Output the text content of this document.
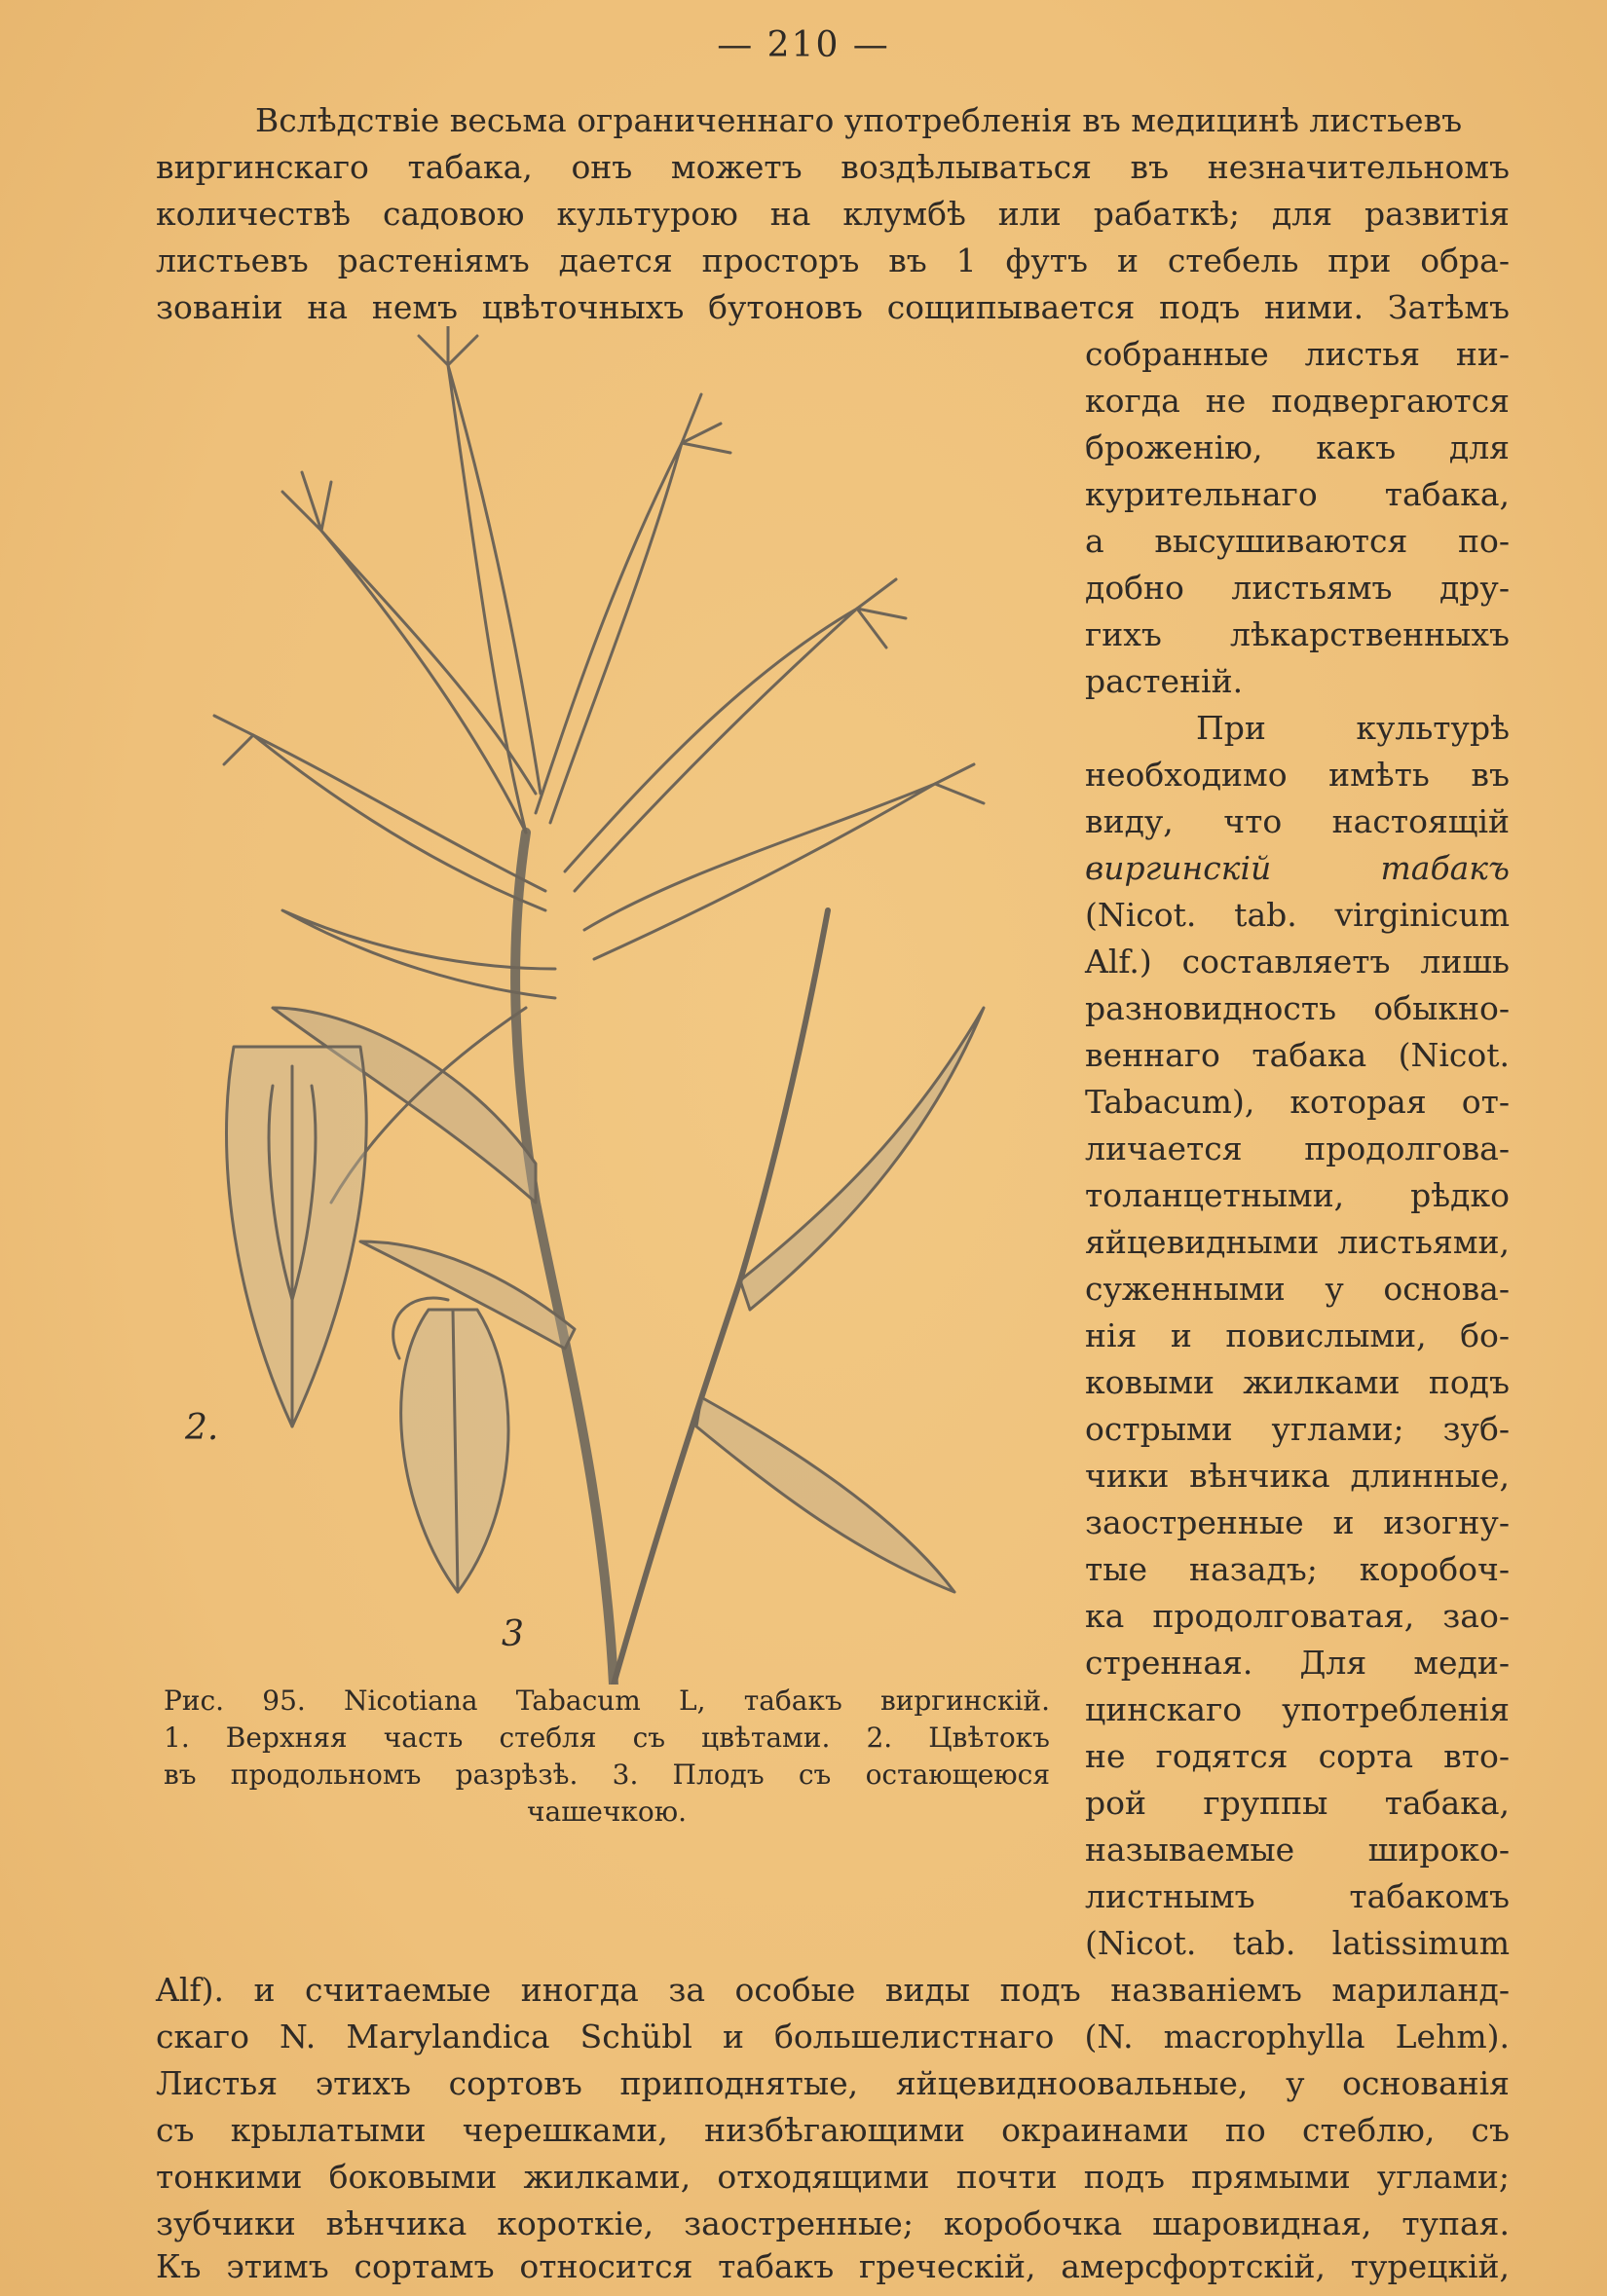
— 210 —
Вслѣдствіе весьма ограниченнаго употребленія въ медицинѣ листьевъ
виргинскаго табака, онъ можетъ воздѣлываться въ незначительномъ
количествѣ садовою культурою на клумбѣ или рабаткѣ; для развитія
листьевъ растеніямъ дается просторъ въ 1 футъ и стебель при обра-
зованіи на немъ цвѣточныхъ бутоновъ сощипывается подъ ними. Затѣмъ
2.
3
Рис. 95. Nicotiana Tabacum L, табакъ виргинскій.
1. Верхняя часть стебля съ цвѣтами. 2. Цвѣтокъ
въ продольномъ разрѣзѣ. 3. Плодъ съ остающеюся
чашечкою.
собранные листья ни-
когда не подвергаются
броженію, какъ для
курительнаго табака,
а высушиваются по-
добно листьямъ дру-
гихъ лѣкарственныхъ
растеній.
При культурѣ
необходимо имѣть въ
виду, что настоящій
виргинскій табакъ
(Nicot. tab. virginicum
Alf.) составляетъ лишь
разновидность обыкно-
веннаго табака (Nicot.
Tabacum), которая от-
личается продолгова-
толанцетными, рѣдко
яйцевидными листьями,
суженными у основа-
нія и повислыми, бо-
ковыми жилками подъ
острыми углами; зуб-
чики вѣнчика длинные,
заостренные и изогну-
тые назадъ; коробоч-
ка продолговатая, зао-
стренная. Для меди-
цинскаго употребленія
не годятся сорта вто-
рой группы табака,
называемые широко-
листнымъ табакомъ
(Nicot. tab. latissimum
Alf). и считаемые иногда за особые виды подъ названіемъ мариланд-
скаго N. Marylandica Schübl и большелистнаго (N. macrophylla Lehm).
Листья этихъ сортовъ приподнятые, яйцевидноовальные, у основанія
съ крылатыми черешками, низбѣгающими окраинами по стеблю, съ
тонкими боковыми жилками, отходящими почти подъ прямыми углами;
зубчики вѣнчика короткіе, заостренные; коробочка шаровидная, тупая.
Къ этимъ сортамъ относится табакъ греческій, амерсфортскій, турецкій,
